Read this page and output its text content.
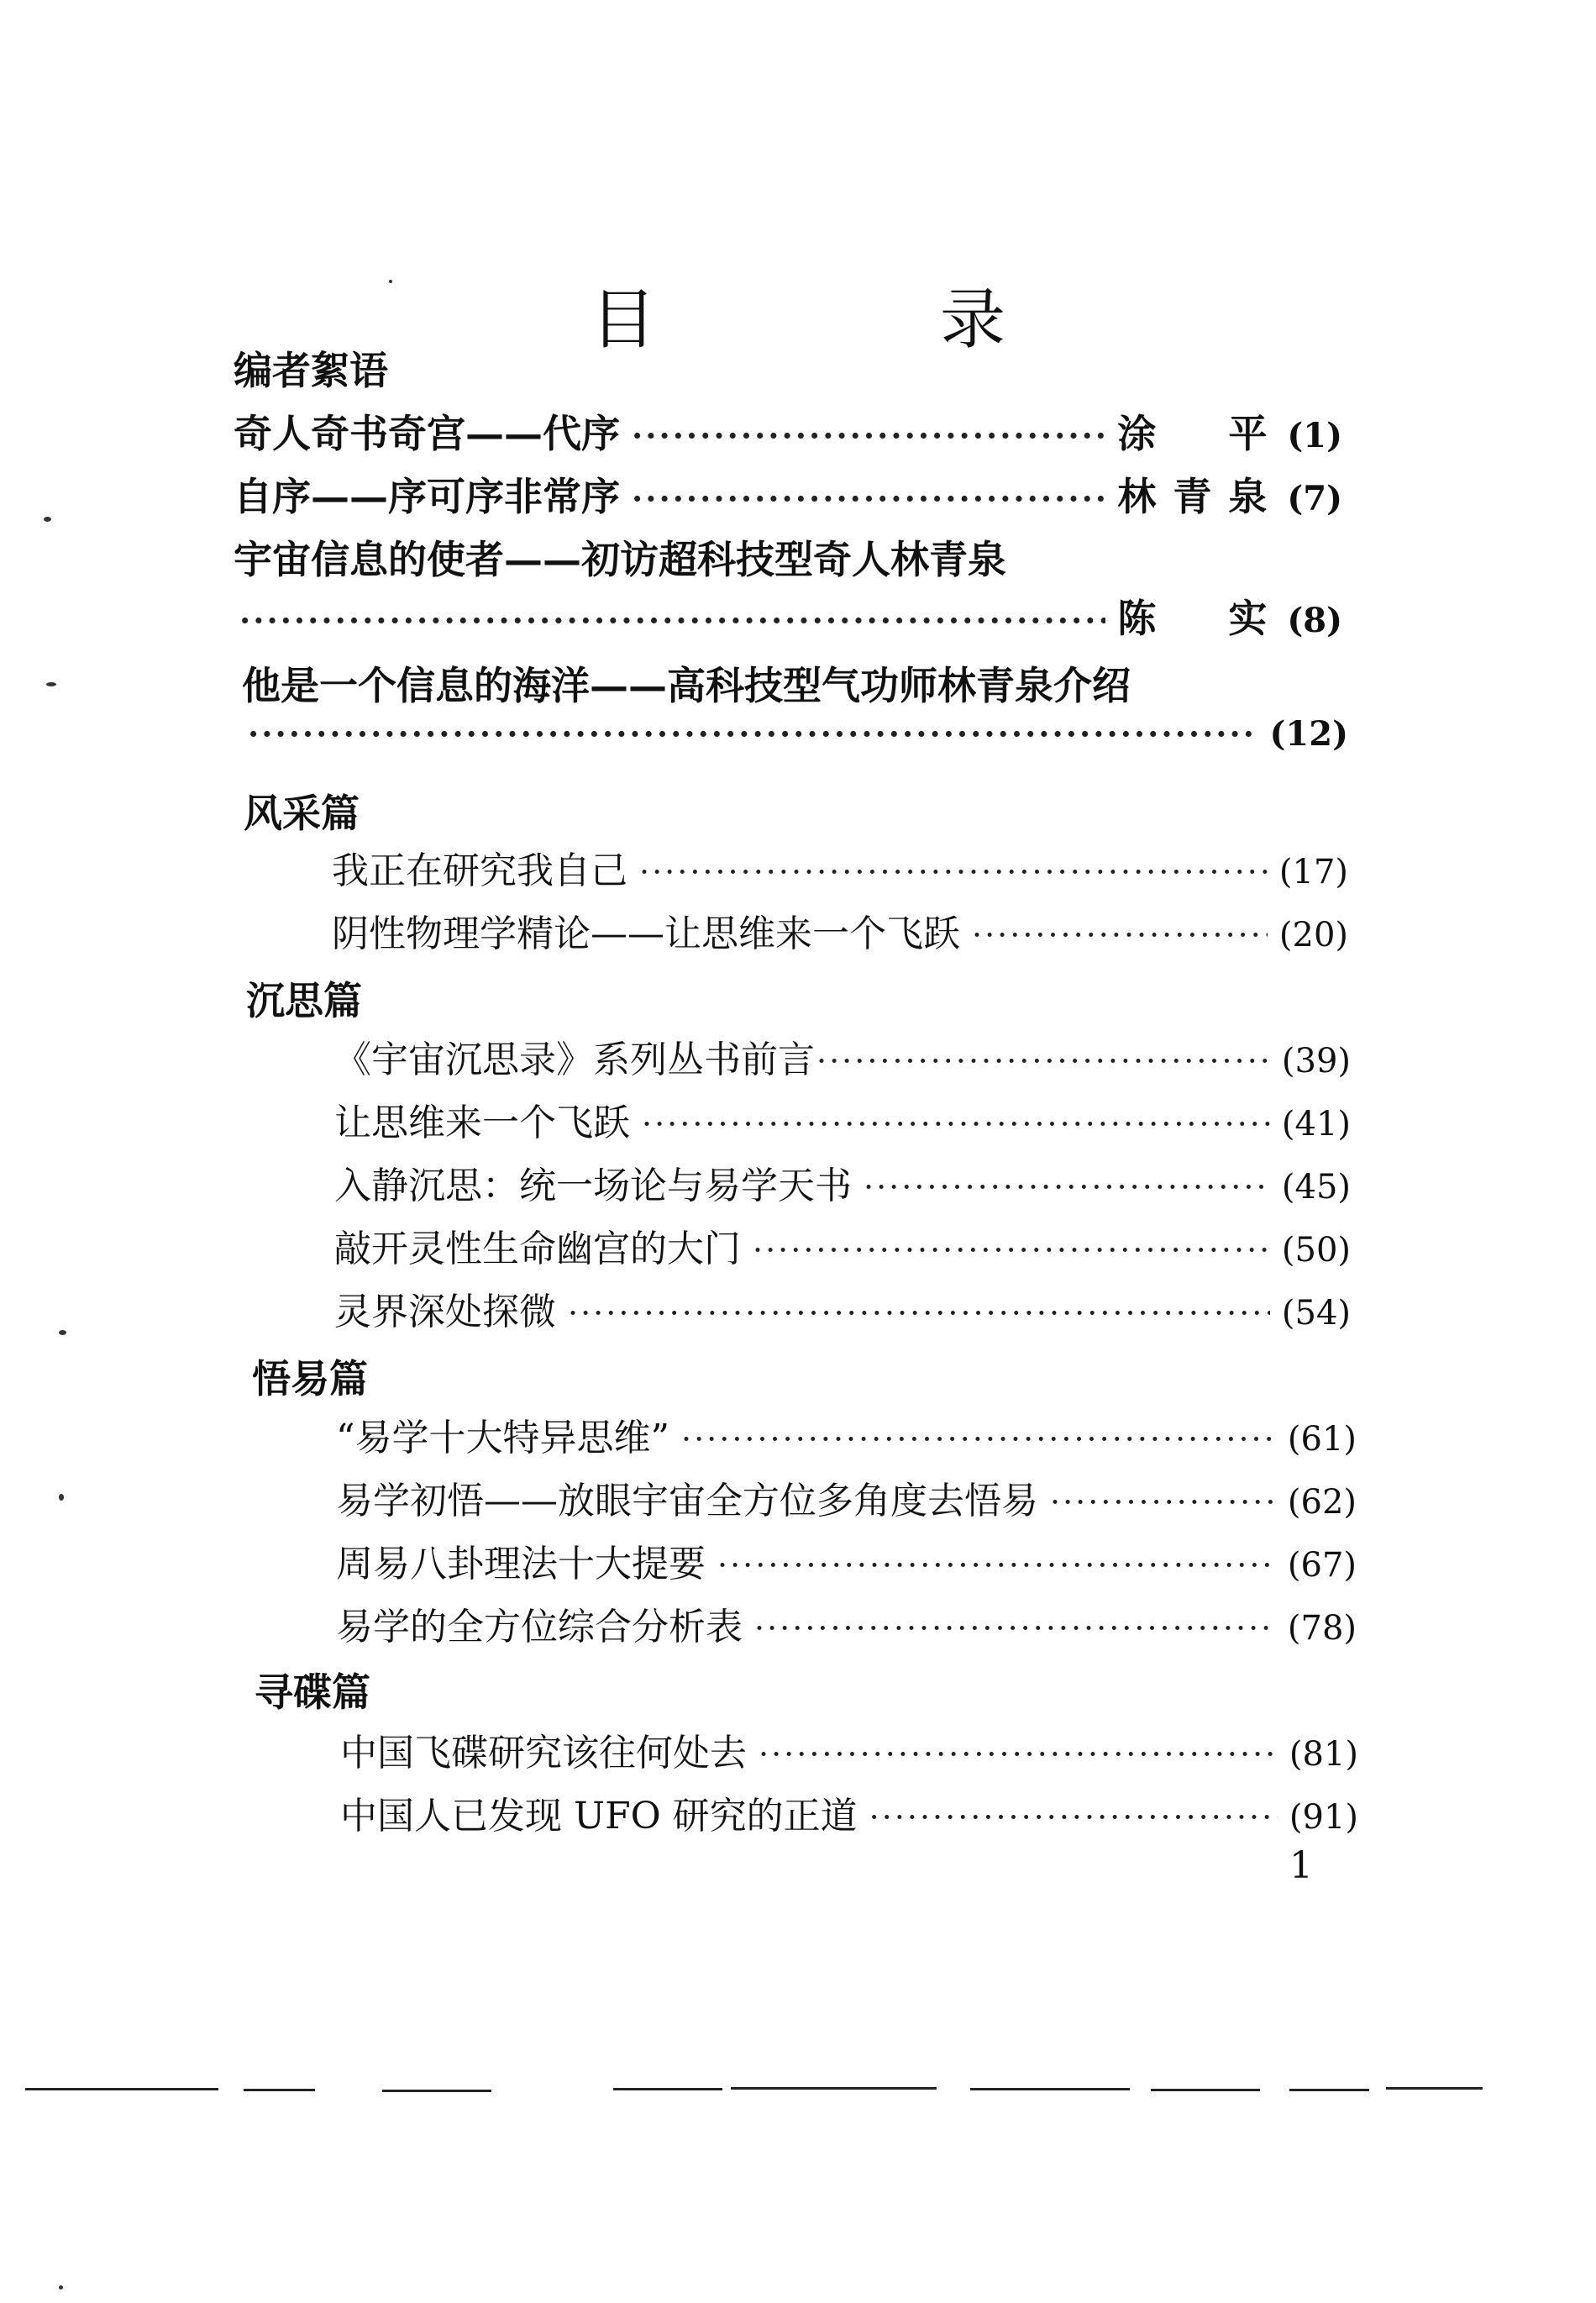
目　录
编者絮语
奇人奇书奇宫——代序 ·····	涂　平 (1)
自序——序可序非常序 ·····	林青泉 (7)
宇宙信息的使者——初访超科技型奇人林青泉
·····
陈　实 (8)
他是一个信息的海洋——高科技型气功师林青泉介绍
·····
(12)
风采篇
我正在研究我自己 ·····	(17)
阴性物理学精论——让思维来一个飞跃 ·····	(20)
沉思篇
《宇宙沉思录》系列丛书前言 ·····	(39)
让思维来一个飞跃 ·····	(41)
入静沉思：统一场论与易学天书 ·····	(45)
敲开灵性生命幽宫的大门 ·····	(50)
灵界深处探微 ·····	(54)
悟易篇
“易学十大特异思维” ·····	(61)
易学初悟——放眼宇宙全方位多角度去悟易 ·····	(62)
周易八卦理法十大提要 ·····	(67)
易学的全方位综合分析表 ·····	(78)
寻碟篇
中国飞碟研究该往何处去 ·····	(81)
中国人已发现 UFO 研究的正道 ·····	(91)
1
